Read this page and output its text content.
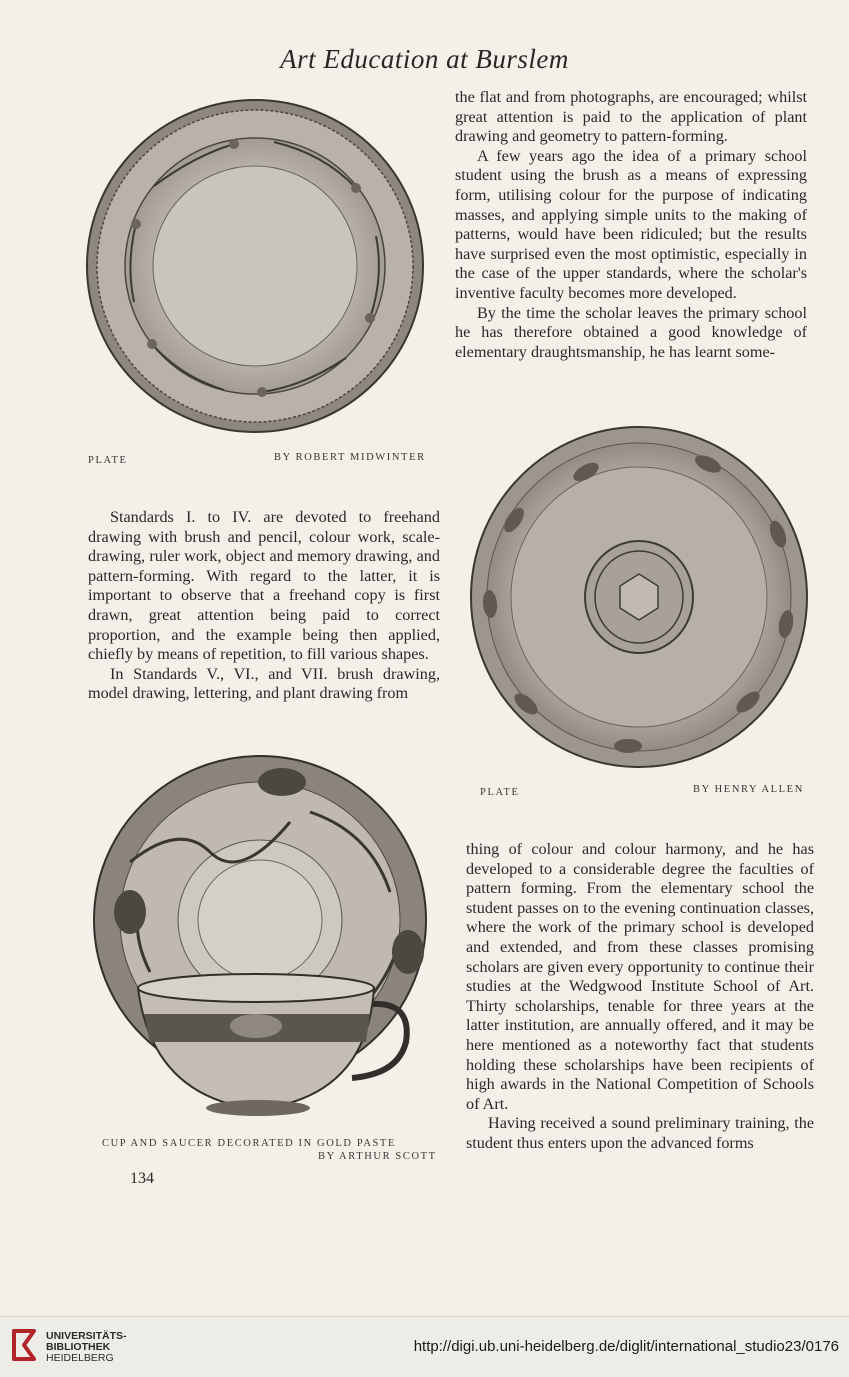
Art Education at Burslem

the flat and from photographs, are encouraged; whilst great attention is paid to the application of plant drawing and geometry to pattern-forming.

A few years ago the idea of a primary school student using the brush as a means of expressing form, utilising colour for the purpose of indicating masses, and applying simple units to the making of patterns, would have been ridiculed; but the results have surprised even the most optimistic, especially in the case of the upper standards, where the scholar's inventive faculty becomes more developed.

By the time the scholar leaves the primary school he has therefore obtained a good knowledge of elementary draughtsmanship, he has learnt some-

PLATE	BY ROBERT MIDWINTER

Standards I. to IV. are devoted to freehand drawing with brush and pencil, colour work, scale-drawing, ruler work, object and memory drawing, and pattern-forming. With regard to the latter, it is important to observe that a freehand copy is first drawn, great attention being paid to correct proportion, and the example being then applied, chiefly by means of repetition, to fill various shapes.

In Standards V., VI., and VII. brush drawing, model drawing, lettering, and plant drawing from

PLATE	BY HENRY ALLEN

thing of colour and colour harmony, and he has developed to a considerable degree the faculties of pattern forming. From the elementary school the student passes on to the evening continuation classes, where the work of the primary school is developed and extended, and from these classes promising scholars are given every opportunity to continue their studies at the Wedgwood Institute School of Art. Thirty scholarships, tenable for three years at the latter institution, are annually offered, and it may be here mentioned as a noteworthy fact that students holding these scholarships have been recipients of high awards in the National Competition of Schools of Art.

Having received a sound preliminary training, the student thus enters upon the advanced forms

CUP AND SAUCER DECORATED IN GOLD PASTE
BY ARTHUR SCOTT
134
UNIVERSITÄTS-
BIBLIOTHEK
HEIDELBERG
http://digi.ub.uni-heidelberg.de/diglit/international_studio23/0176
